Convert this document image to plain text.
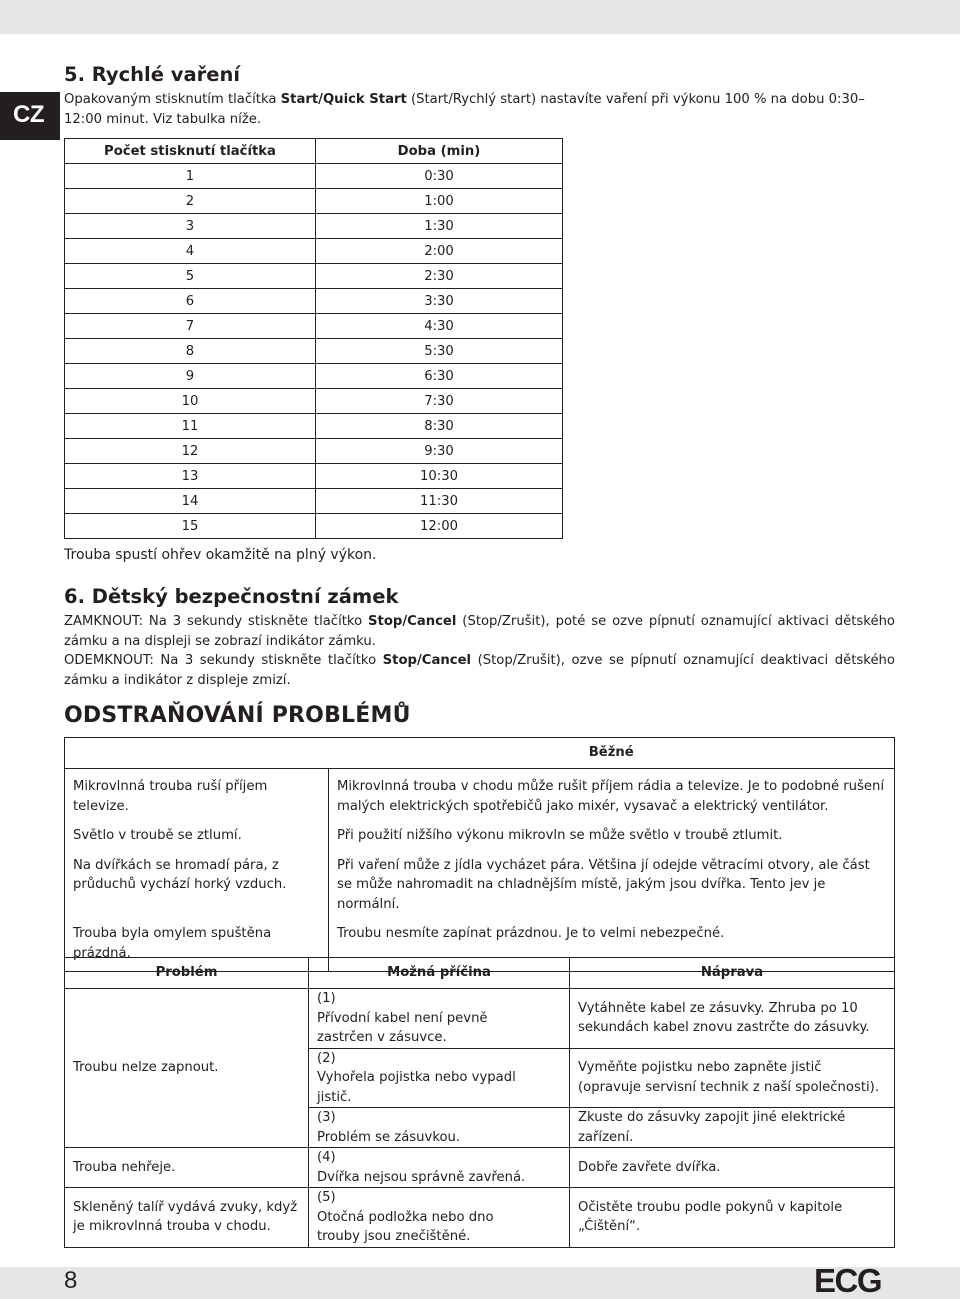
CZ
5. Rychlé vaření
Opakovaným stisknutím tlačítka Start/Quick Start (Start/Rychlý start) nastavíte vaření při výkonu 100 % na dobu 0:30–12:00 minut. Viz tabulka níže.
Počet stisknutí tlačítka	Doba (min)
1	0:30
2	1:00
3	1:30
4	2:00
5	2:30
6	3:30
7	4:30
8	5:30
9	6:30
10	7:30
11	8:30
12	9:30
13	10:30
14	11:30
15	12:00
Trouba spustí ohřev okamžitě na plný výkon.
6. Dětský bezpečnostní zámek
ZAMKNOUT: Na 3 sekundy stiskněte tlačítko Stop/Cancel (Stop/Zrušit), poté se ozve pípnutí oznamující aktivaci dětského zámku a na displeji se zobrazí indikátor zámku.
ODEMKNOUT: Na 3 sekundy stiskněte tlačítko Stop/Cancel (Stop/Zrušit), ozve se pípnutí oznamující deaktivaci dětského zámku a indikátor z displeje zmizí.
ODSTRAŇOVÁNÍ PROBLÉMŮ
	Běžné
Mikrovlnná trouba ruší příjem televize.	Mikrovlnná trouba v chodu může rušit příjem rádia a televize. Je to podobné rušení malých elektrických spotřebičů jako mixér, vysavač a elektrický ventilátor.
Světlo v troubě se ztlumí.	Při použití nižšího výkonu mikrovln se může světlo v troubě ztlumit.
Na dvířkách se hromadí pára, z průduchů vychází horký vzduch.	Při vaření může z jídla vycházet pára. Většina jí odejde větracími otvory, ale část se může nahromadit na chladnějším místě, jakým jsou dvířka. Tento jev je normální.
Trouba byla omylem spuštěna prázdná.	Troubu nesmíte zapínat prázdnou. Je to velmi nebezpečné.
Problém	Možná příčina	Náprava
Troubu nelze zapnout.	(1)Přívodní kabel není pevně zastrčen v zásuvce.	Vytáhněte kabel ze zásuvky. Zhruba po 10 sekundách kabel znovu zastrčte do zásuvky.
	(2)Vyhořela pojistka nebo vypadl jistič.	Vyměňte pojistku nebo zapněte jistič (opravuje servisní technik z naší společnosti).
	(3)Problém se zásuvkou.	Zkuste do zásuvky zapojit jiné elektrické zařízení.
Trouba nehřeje.	(4)Dvířka nejsou správně zavřená.	Dobře zavřete dvířka.
Skleněný talíř vydává zvuky, když je mikrovlnná trouba v chodu.	(5)Otočná podložka nebo dno trouby jsou znečištěné.	Očistěte troubu podle pokynů v kapitole „Čištění“.
8	ECG
